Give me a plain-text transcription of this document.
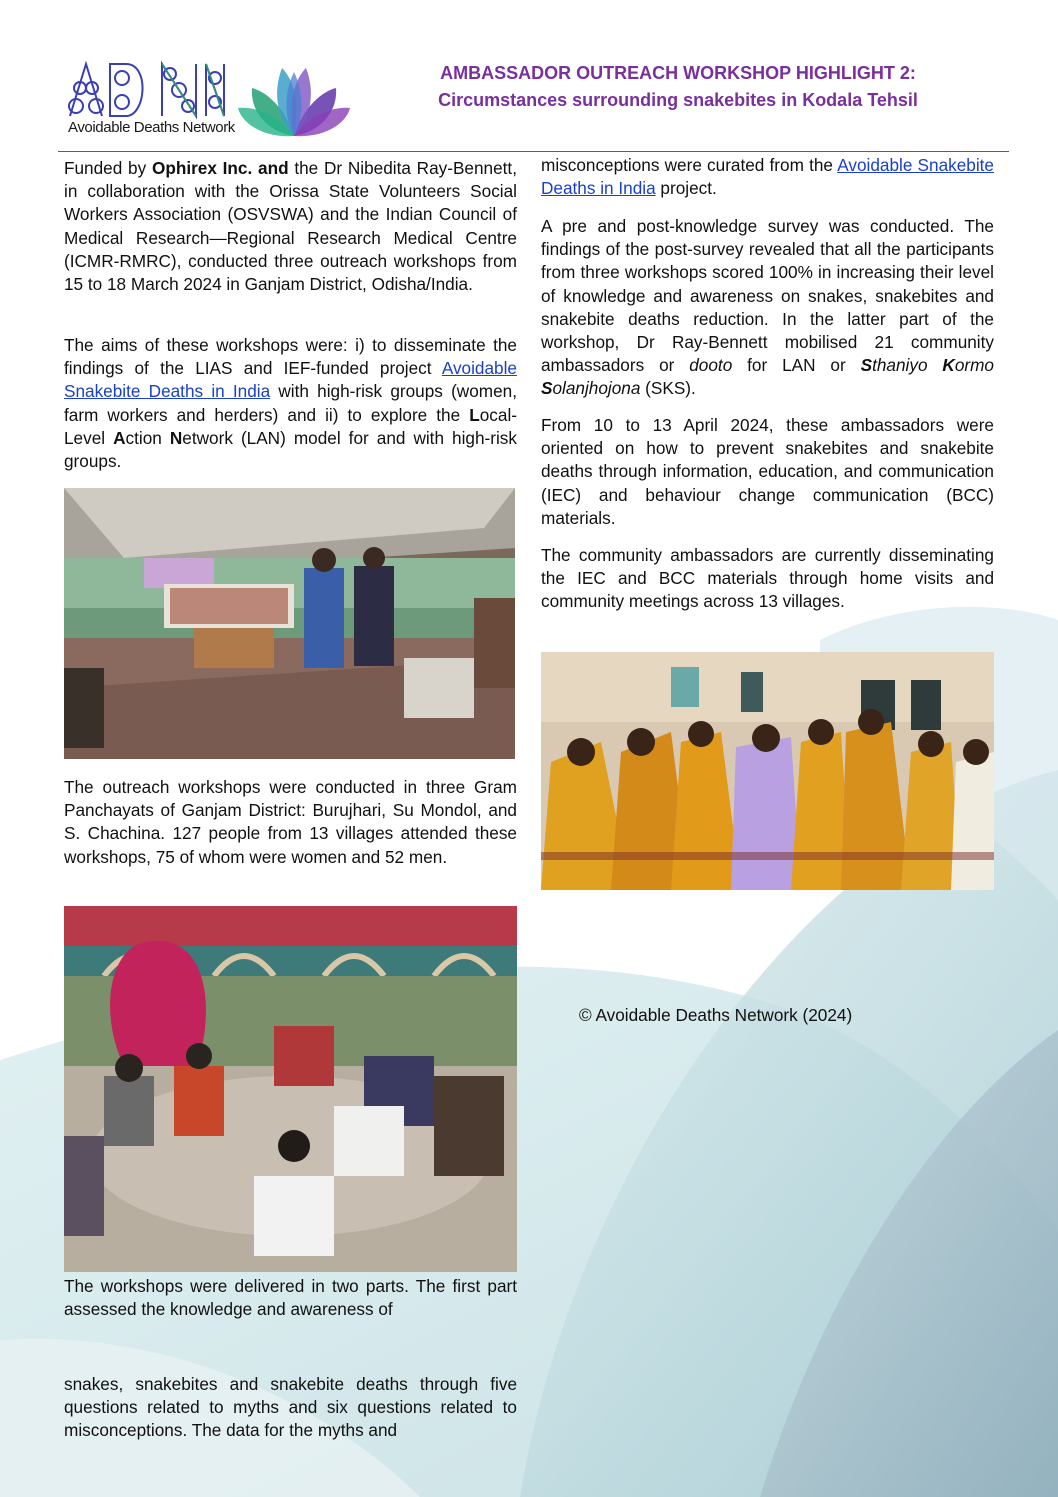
Avoidable Deaths Network
AMBASSADOR OUTREACH WORKSHOP HIGHLIGHT 2:
Circumstances surrounding snakebites in Kodala Tehsil

Funded by Ophirex Inc. and the Dr Nibedita Ray-Bennett, in collaboration with the Orissa State Volunteers Social Workers Association (OSVSWA) and the Indian Council of Medical Research—Regional Research Medical Centre (ICMR-RMRC), conducted three outreach workshops from 15 to 18 March 2024 in Ganjam District, Odisha/India.

The aims of these workshops were: i) to disseminate the findings of the LIAS and IEF-funded project Avoidable Snakebite Deaths in India with high-risk groups (women, farm workers and herders) and ii) to explore the Local-Level Action Network (LAN) model for and with high-risk groups.

The outreach workshops were conducted in three Gram Panchayats of Ganjam District: Burujhari, Su Mondol, and S. Chachina. 127 people from 13 villages attended these workshops, 75 of whom were women and 52 men.

The workshops were delivered in two parts. The first part assessed the knowledge and awareness of

snakes, snakebites and snakebite deaths through five questions related to myths and six questions related to misconceptions. The data for the myths and

misconceptions were curated from the Avoidable Snakebite Deaths in India project.

A pre and post-knowledge survey was conducted. The findings of the post-survey revealed that all the participants from three workshops scored 100% in increasing their level of knowledge and awareness on snakes, snakebites and snakebite deaths reduction. In the latter part of the workshop, Dr Ray-Bennett mobilised 21 community ambassadors or dooto for LAN or Sthaniyo Kormo Solanjhojona (SKS).

From 10 to 13 April 2024, these ambassadors were oriented on how to prevent snakebites and snakebite deaths through information, education, and communication (IEC) and behaviour change communication (BCC) materials.

The community ambassadors are currently disseminating the IEC and BCC materials through home visits and community meetings across 13 villages.

© Avoidable Deaths Network (2024)
